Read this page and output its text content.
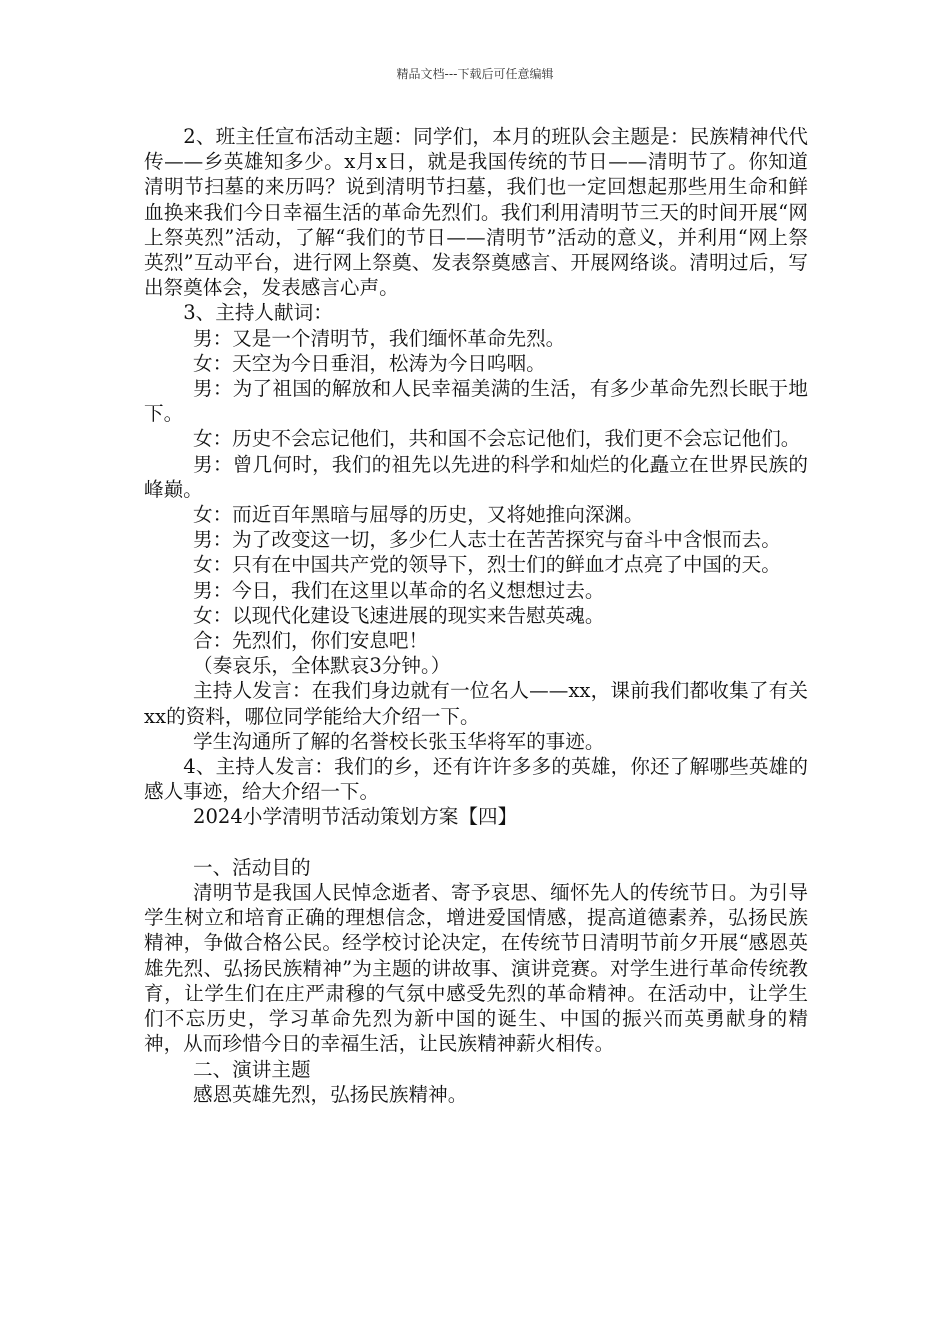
精品文档---下载后可任意编辑

2、班主任宣布活动主题：同学们，本月的班队会主题是：民族精神代代传——乡英雄知多少。x月x日，就是我国传统的节日——清明节了。你知道清明节扫墓的来历吗？说到清明节扫墓，我们也一定回想起那些用生命和鲜血换来我们今日幸福生活的革命先烈们。我们利用清明节三天的时间开展“网上祭英烈”活动，了解“我们的节日——清明节”活动的意义，并利用“网上祭英烈”互动平台，进行网上祭奠、发表祭奠感言、开展网络谈。清明过后，写出祭奠体会，发表感言心声。

3、主持人献词：

男：又是一个清明节，我们缅怀革命先烈。

女：天空为今日垂泪，松涛为今日呜咽。

男：为了祖国的解放和人民幸福美满的生活，有多少革命先烈长眠于地下。

女：历史不会忘记他们，共和国不会忘记他们，我们更不会忘记他们。

男：曾几何时，我们的祖先以先进的科学和灿烂的化矗立在世界民族的峰巅。

女：而近百年黑暗与屈辱的历史，又将她推向深渊。

男：为了改变这一切，多少仁人志士在苦苦探究与奋斗中含恨而去。

女：只有在中国共产党的领导下，烈士们的鲜血才点亮了中国的天。

男：今日，我们在这里以革命的名义想想过去。

女：以现代化建设飞速进展的现实来告慰英魂。

合：先烈们，你们安息吧！

（奏哀乐，全体默哀3分钟。）

主持人发言：在我们身边就有一位名人——xx，课前我们都收集了有关xx的资料，哪位同学能给大介绍一下。

学生沟通所了解的名誉校长张玉华将军的事迹。

4、主持人发言：我们的乡，还有许许多多的英雄，你还了解哪些英雄的感人事迹，给大介绍一下。

2024小学清明节活动策划方案【四】

一、活动目的

清明节是我国人民悼念逝者、寄予哀思、缅怀先人的传统节日。为引导学生树立和培育正确的理想信念，增进爱国情感，提高道德素养，弘扬民族精神，争做合格公民。经学校讨论决定，在传统节日清明节前夕开展“感恩英雄先烈、弘扬民族精神”为主题的讲故事、演讲竞赛。对学生进行革命传统教育，让学生们在庄严肃穆的气氛中感受先烈的革命精神。在活动中，让学生们不忘历史，学习革命先烈为新中国的诞生、中国的振兴而英勇献身的精神，从而珍惜今日的幸福生活，让民族精神薪火相传。

二、演讲主题

感恩英雄先烈，弘扬民族精神。
